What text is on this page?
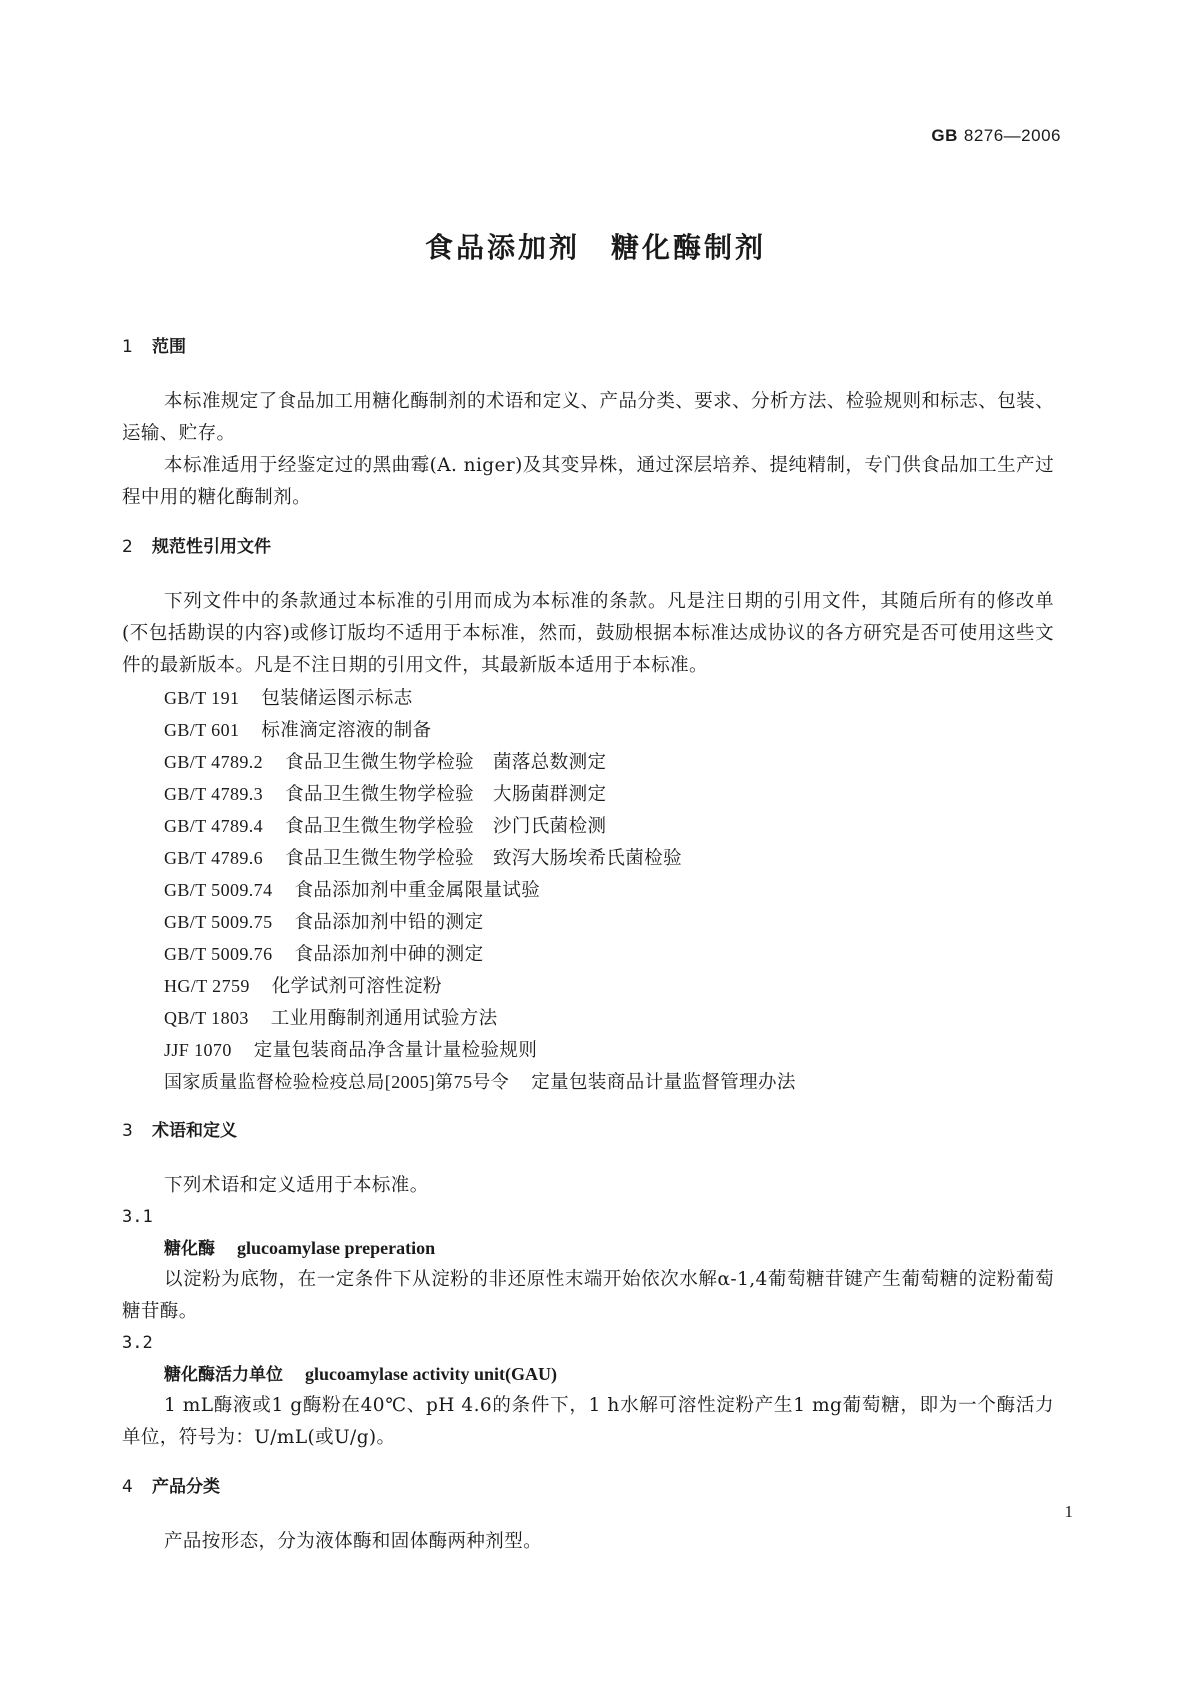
GB 8276—2006
食品添加剂　糖化酶制剂
1 范围
本标准规定了食品加工用糖化酶制剂的术语和定义、产品分类、要求、分析方法、检验规则和标志、包装、运输、贮存。
本标准适用于经鉴定过的黑曲霉(A. niger)及其变异株，通过深层培养、提纯精制，专门供食品加工生产过程中用的糖化酶制剂。
2 规范性引用文件
下列文件中的条款通过本标准的引用而成为本标准的条款。凡是注日期的引用文件，其随后所有的修改单(不包括勘误的内容)或修订版均不适用于本标准，然而，鼓励根据本标准达成协议的各方研究是否可使用这些文件的最新版本。凡是不注日期的引用文件，其最新版本适用于本标准。
GB/T 191 包装储运图示标志
GB/T 601 标准滴定溶液的制备
GB/T 4789.2 食品卫生微生物学检验　菌落总数测定
GB/T 4789.3 食品卫生微生物学检验　大肠菌群测定
GB/T 4789.4 食品卫生微生物学检验　沙门氏菌检测
GB/T 4789.6 食品卫生微生物学检验　致泻大肠埃希氏菌检验
GB/T 5009.74 食品添加剂中重金属限量试验
GB/T 5009.75 食品添加剂中铅的测定
GB/T 5009.76 食品添加剂中砷的测定
HG/T 2759 化学试剂可溶性淀粉
QB/T 1803 工业用酶制剂通用试验方法
JJF 1070 定量包装商品净含量计量检验规则
国家质量监督检验检疫总局[2005]第75号令 定量包装商品计量监督管理办法
3 术语和定义
下列术语和定义适用于本标准。
3.1
糖化酶 glucoamylase preperation
以淀粉为底物，在一定条件下从淀粉的非还原性末端开始依次水解α-1,4葡萄糖苷键产生葡萄糖的淀粉葡萄糖苷酶。
3.2
糖化酶活力单位 glucoamylase activity unit(GAU)
1 mL酶液或1 g酶粉在40℃、pH 4.6的条件下，1 h水解可溶性淀粉产生1 mg葡萄糖，即为一个酶活力单位，符号为：U/mL(或U/g)。
4 产品分类
产品按形态，分为液体酶和固体酶两种剂型。
1
